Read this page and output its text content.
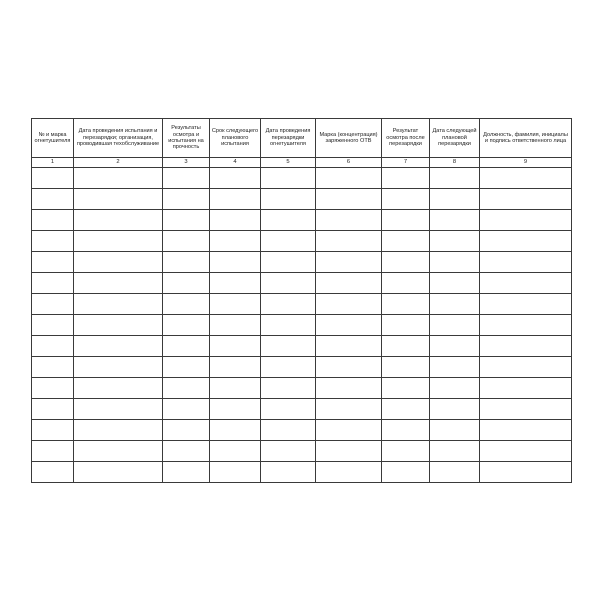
№ и марка огнетушителя	Дата проведения испытания и перезарядки; организация, проводившая техобслуживание	Результаты осмотра и испытания на прочность	Срок следующего планового испытания	Дата проведения перезарядки огнетушителя	Марка (концентрация) заряженного ОТВ	Результат осмотра после перезарядки	Дата следующей плановой перезарядки	Должность, фамилия, инициалы и подпись ответственного лица
1	2	3	4	5	6	7	8	9
